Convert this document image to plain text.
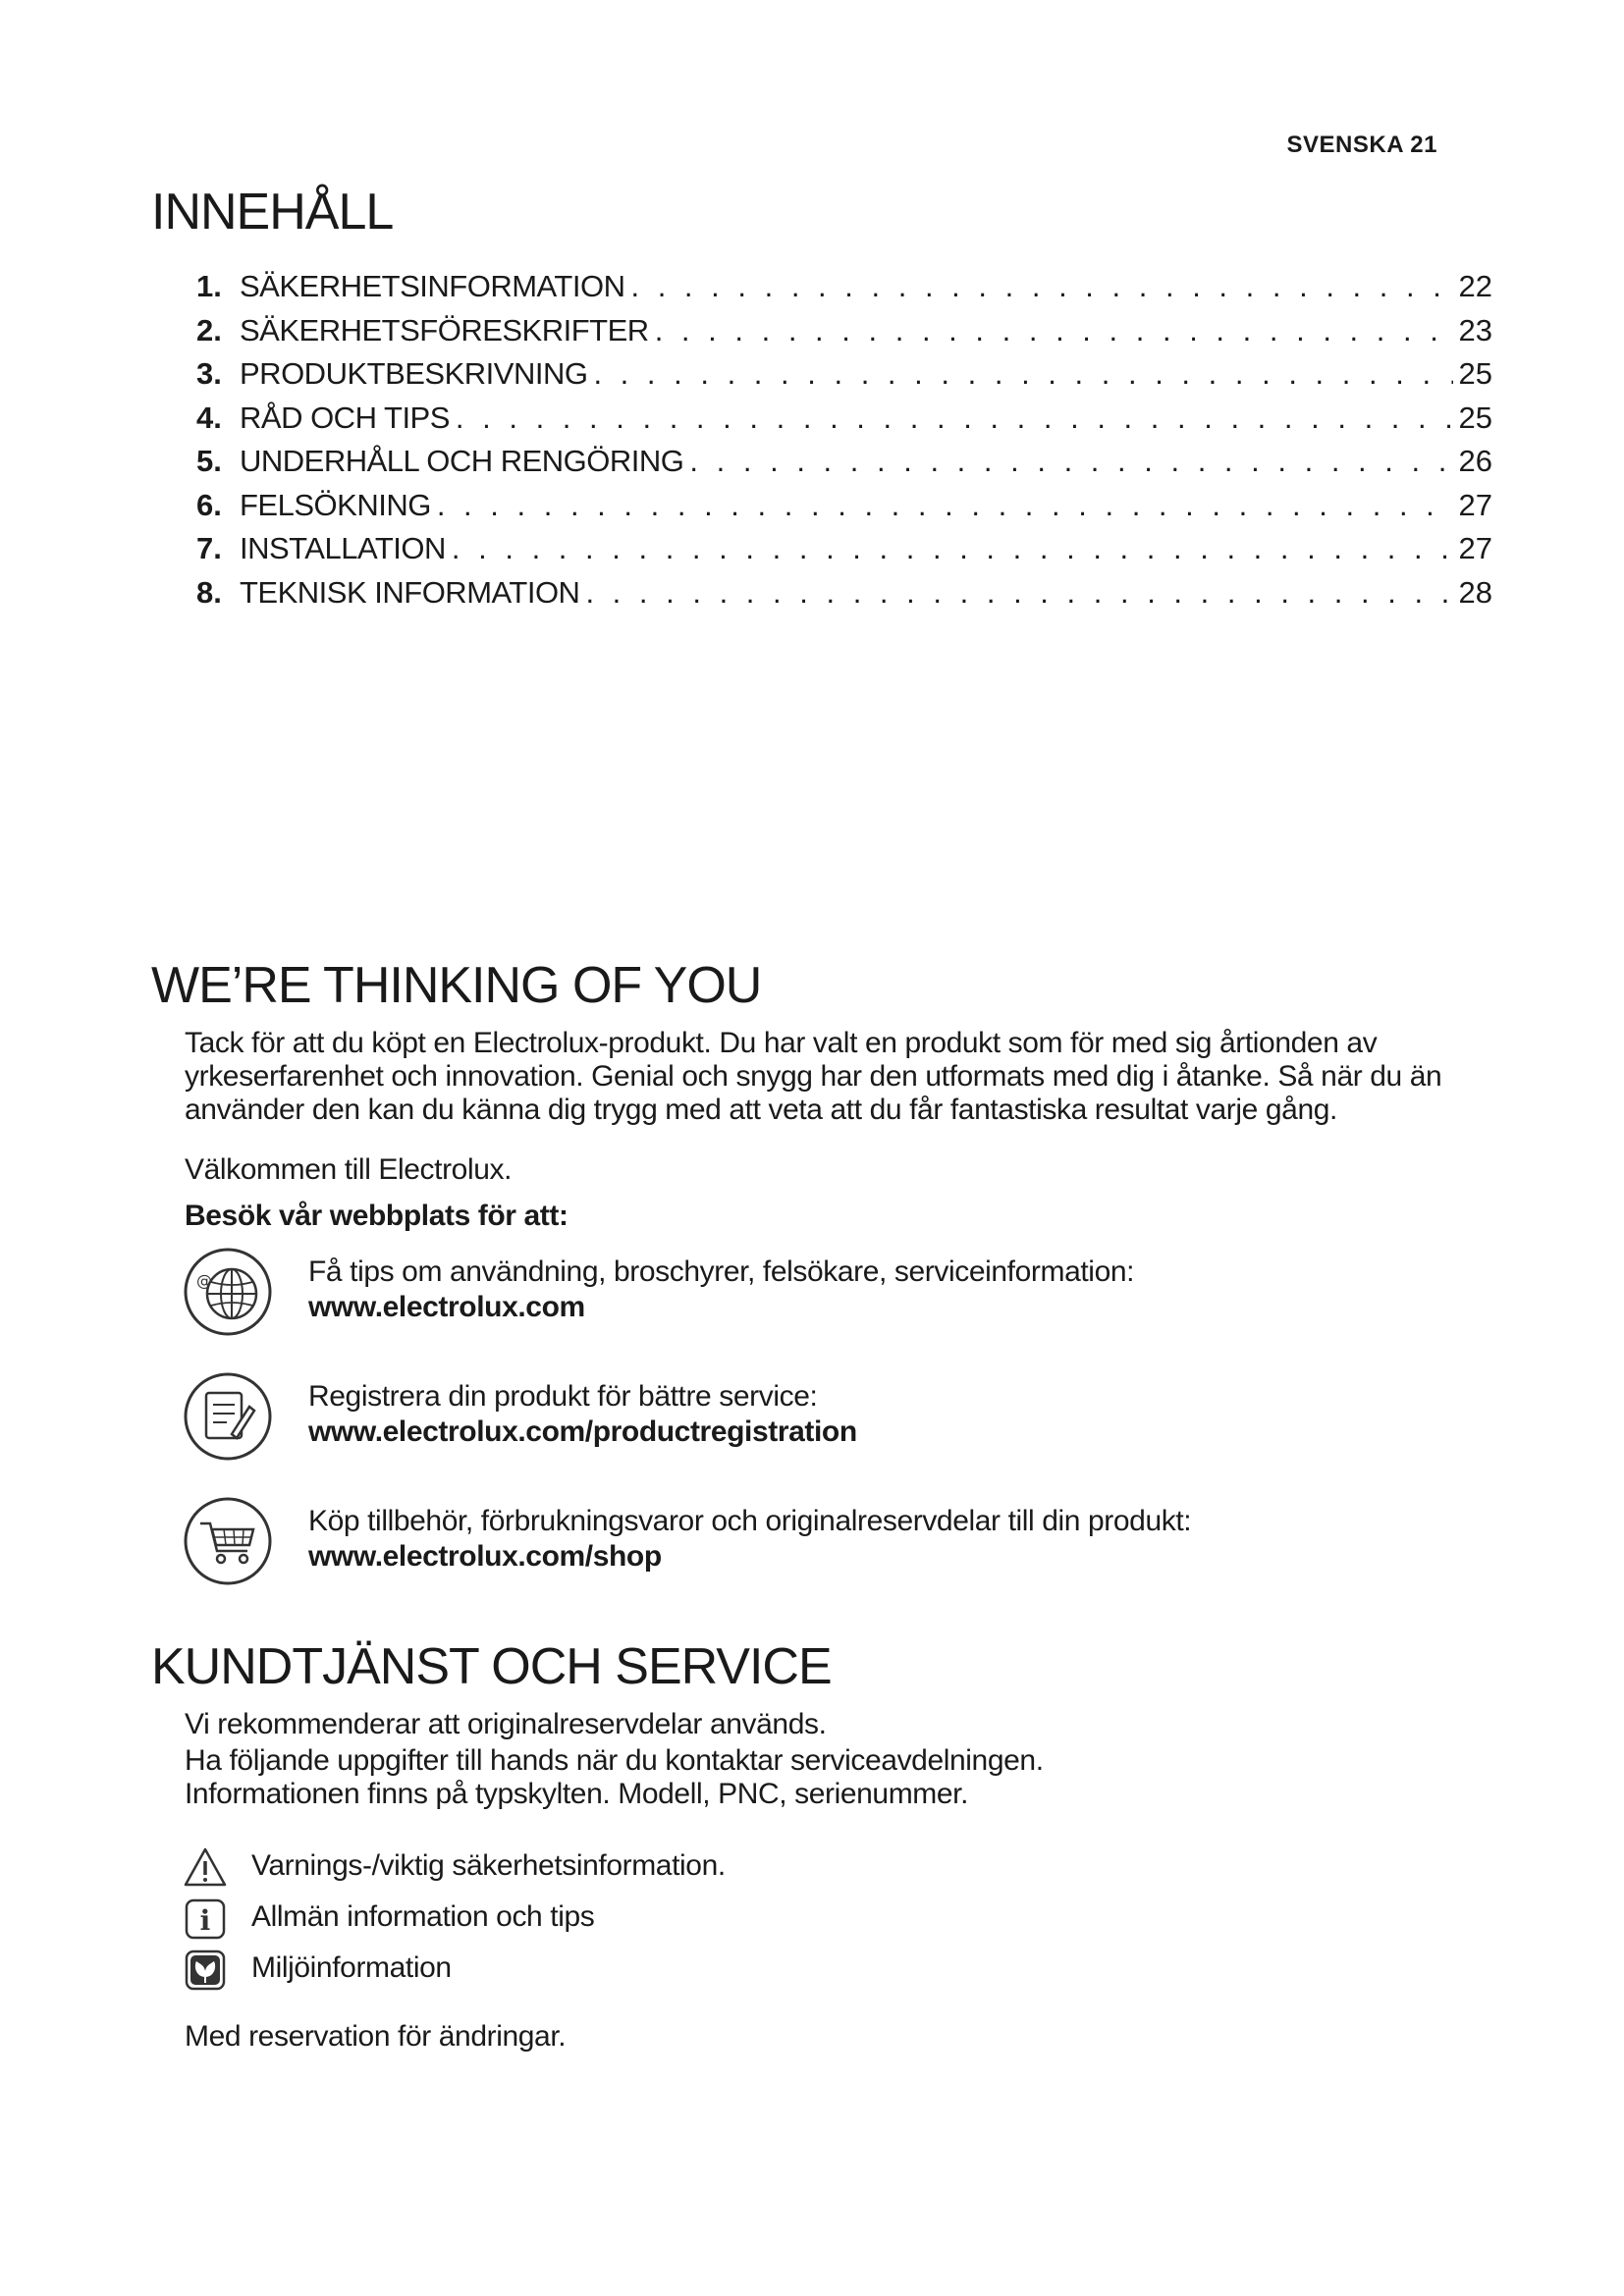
SVENSKA 21
INNEHÅLL
1. SÄKERHETSINFORMATION . . .	22
2. SÄKERHETSFÖRESKRIFTER . . .	23
3. PRODUKTBESKRIVNING . . .	25
4. RÅD OCH TIPS . . .	25
5. UNDERHÅLL OCH RENGÖRING . . .	26
6. FELSÖKNING . . .	27
7. INSTALLATION . . .	27
8. TEKNISK INFORMATION . . .	28
WE’RE THINKING OF YOU
Tack för att du köpt en Electrolux-produkt. Du har valt en produkt som för med sig årtionden av yrkeserfarenhet och innovation. Genial och snygg har den utformats med dig i åtanke. Så när du än använder den kan du känna dig trygg med att veta att du får fantastiska resultat varje gång.
Välkommen till Electrolux.
Besök vår webbplats för att:
@	Få tips om användning, broschyrer, felsökare, serviceinformation:
www.electrolux.com
Registrera din produkt för bättre service:
www.electrolux.com/productregistration
Köp tillbehör, förbrukningsvaror och originalreservdelar till din produkt:
www.electrolux.com/shop
KUNDTJÄNST OCH SERVICE
Vi rekommenderar att originalreservdelar används.
Ha följande uppgifter till hands när du kontaktar serviceavdelningen.
Informationen finns på typskylten. Modell, PNC, serienummer.
Varnings-/viktig säkerhetsinformation.
i Allmän information och tips
Miljöinformation
Med reservation för ändringar.
